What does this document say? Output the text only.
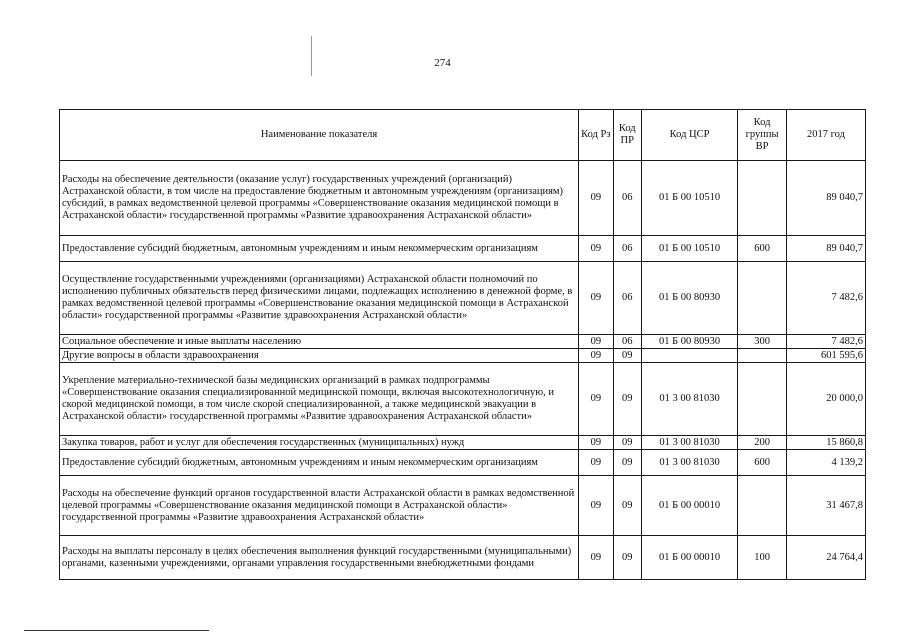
274
Наименование показателя	Код Рз	Код ПР	Код ЦСР	Код группы ВР	2017 год
Расходы на обеспечение деятельности (оказание услуг) государственных учреждений (организаций) Астраханской области, в том числе на предоставление бюджетным и автономным учреждениям (организациям) субсидий, в рамках ведомственной целевой программы «Совершенствование оказания медицинской помощи в Астраханской области» государственной программы «Развитие здравоохранения Астраханской области»	09	06	01 Б 00 10510		89 040,7
Предоставление субсидий бюджетным, автономным учреждениям и иным некоммерческим организациям	09	06	01 Б 00 10510	600	89 040,7
Осуществление государственными учреждениями (организациями) Астраханской области полномочий по исполнению публичных обязательств перед физическими лицами, подлежащих исполнению в денежной форме, в рамках ведомственной целевой программы «Совершенствование оказания медицинской помощи в Астраханской области» государственной программы «Развитие здравоохранения Астраханской области»	09	06	01 Б 00 80930		7 482,6
Социальное обеспечение и иные выплаты населению	09	06	01 Б 00 80930	300	7 482,6
Другие вопросы в области здравоохранения	09	09			601 595,6
Укрепление материально-технической базы медицинских организаций в рамках подпрограммы «Совершенствование оказания специализированной медицинской помощи, включая высокотехнологичную, и скорой медицинской помощи, в том числе скорой специализированной, а также медицинской эвакуации в Астраханской области» государственной программы «Развитие здравоохранения Астраханской области»	09	09	01 3 00 81030		20 000,0
Закупка товаров, работ и услуг для обеспечения государственных (муниципальных) нужд	09	09	01 3 00 81030	200	15 860,8
Предоставление субсидий бюджетным, автономным учреждениям и иным некоммерческим организациям	09	09	01 3 00 81030	600	4 139,2
Расходы на обеспечение функций органов государственной власти Астраханской области в рамках ведомственной целевой программы «Совершенствование оказания медицинской помощи в Астраханской области» государственной программы «Развитие здравоохранения Астраханской области»	09	09	01 Б 00 00010		31 467,8
Расходы на выплаты персоналу в целях обеспечения выполнения функций государственными (муниципальными) органами, казенными учреждениями, органами управления государственными внебюджетными фондами	09	09	01 Б 00 00010	100	24 764,4
